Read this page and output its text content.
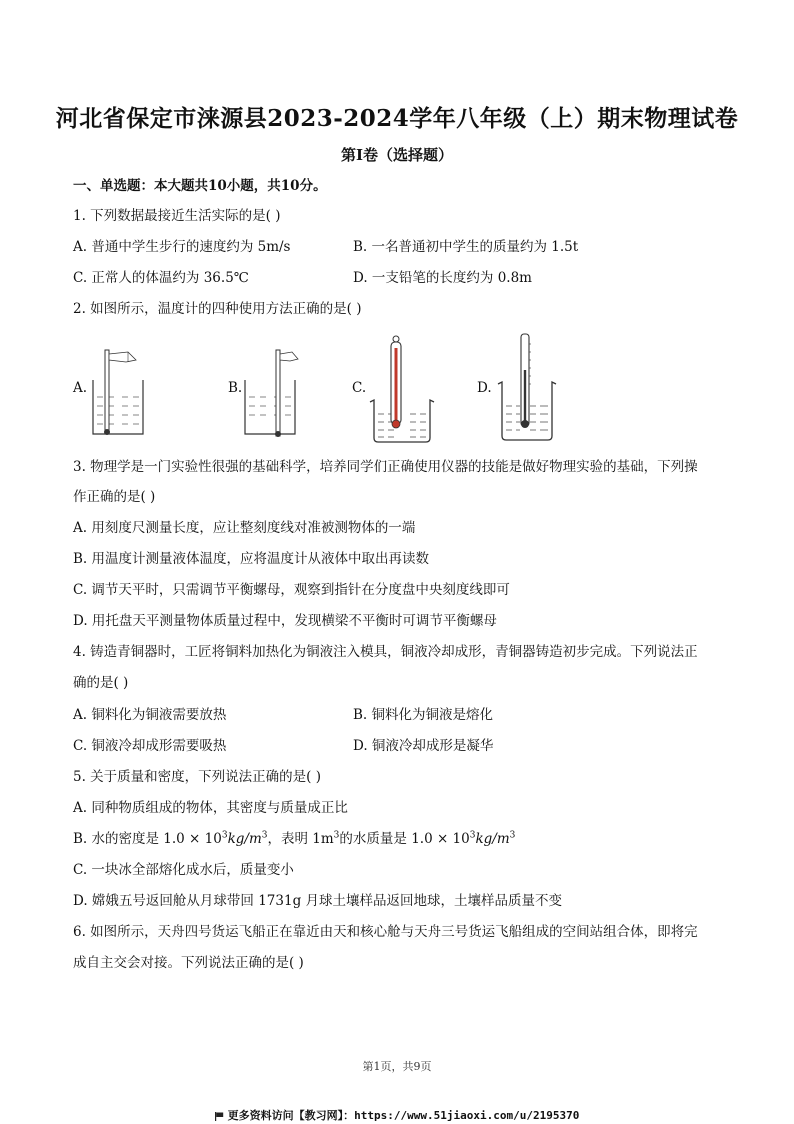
河北省保定市涞源县2023-2024学年八年级（上）期末物理试卷
第Ⅰ卷（选择题）
一、单选题：本大题共10小题，共10分。
1. 下列数据最接近生活实际的是( )
A. 普通中学生步行的速度约为 5m/s	B. 一名普通初中学生的质量约为 1.5t
C. 正常人的体温约为 36.5℃	D. 一支铅笔的长度约为 0.8m
2. 如图所示，温度计的四种使用方法正确的是( )
A.	B.	C.	D.
3. 物理学是一门实验性很强的基础科学，培养同学们正确使用仪器的技能是做好物理实验的基础，下列操
作正确的是( )
A. 用刻度尺测量长度，应让整刻度线对准被测物体的一端
B. 用温度计测量液体温度，应将温度计从液体中取出再读数
C. 调节天平时，只需调节平衡螺母，观察到指针在分度盘中央刻度线即可
D. 用托盘天平测量物体质量过程中，发现横梁不平衡时可调节平衡螺母
4. 铸造青铜器时，工匠将铜料加热化为铜液注入模具，铜液冷却成形，青铜器铸造初步完成。下列说法正
确的是( )
A. 铜料化为铜液需要放热	B. 铜料化为铜液是熔化
C. 铜液冷却成形需要吸热	D. 铜液冷却成形是凝华
5. 关于质量和密度，下列说法正确的是( )
A. 同种物质组成的物体，其密度与质量成正比
B. 水的密度是 $1.0 \times 10^3kg/m^3$，表明 $1m^3$的水质量是 $1.0 \times 10^3kg/m^3$
C. 一块冰全部熔化成水后，质量变小
D. 嫦娥五号返回舱从月球带回 1731g 月球土壤样品返回地球，土壤样品质量不变
6. 如图所示，天舟四号货运飞船正在靠近由天和核心舱与天舟三号货运飞船组成的空间站组合体，即将完
成自主交会对接。下列说法正确的是( )
第1页，共9页
更多资料访问【教习网】：https://www.51jiaoxi.com/u/2195370
